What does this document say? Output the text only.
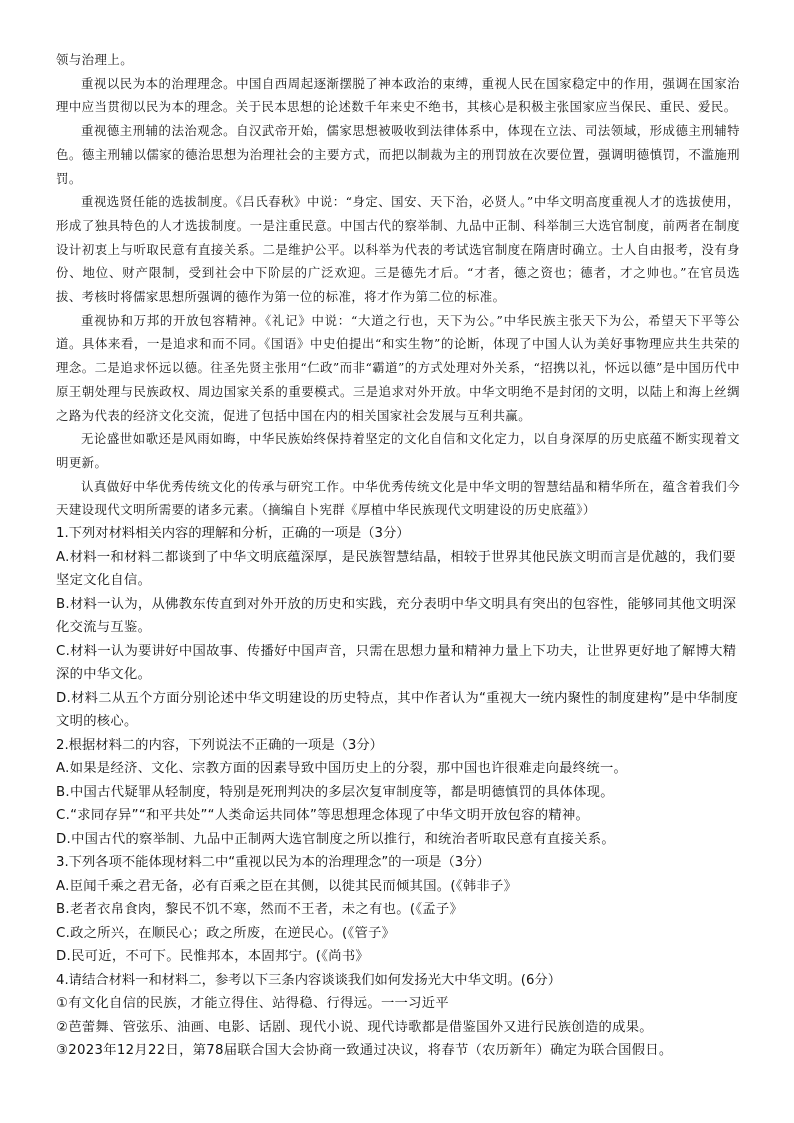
领与治理上。

重视以民为本的治理理念。中国自西周起逐渐摆脱了神本政治的束缚，重视人民在国家稳定中的作用，强调在国家治理中应当贯彻以民为本的理念。关于民本思想的论述数千年来史不绝书，其核心是积极主张国家应当保民、重民、爱民。

重视德主刑辅的法治观念。自汉武帝开始，儒家思想被吸收到法律体系中，体现在立法、司法领域，形成德主刑辅特色。德主刑辅以儒家的德治思想为治理社会的主要方式，而把以制裁为主的刑罚放在次要位置，强调明德慎罚，不滥施刑罚。

重视选贤任能的选拔制度。《吕氏春秋》中说：“身定、国安、天下治，必贤人。”中华文明高度重视人才的选拔使用，形成了独具特色的人才选拔制度。一是注重民意。中国古代的察举制、九品中正制、科举制三大选官制度，前两者在制度设计初衷上与听取民意有直接关系。二是维护公平。以科举为代表的考试选官制度在隋唐时确立。士人自由报考，没有身份、地位、财产限制，受到社会中下阶层的广泛欢迎。三是德先才后。“才者，德之资也；德者，才之帅也。”在官员选拔、考核时将儒家思想所强调的德作为第一位的标准，将才作为第二位的标准。

重视协和万邦的开放包容精神。《礼记》中说：“大道之行也，天下为公。”中华民族主张天下为公，希望天下平等公道。具体来看，一是追求和而不同。《国语》中史伯提出“和实生物”的论断，体现了中国人认为美好事物理应共生共荣的理念。二是追求怀远以德。往圣先贤主张用“仁政”而非“霸道”的方式处理对外关系，“招携以礼，怀远以德”是中国历代中原王朝处理与民族政权、周边国家关系的重要模式。三是追求对外开放。中华文明绝不是封闭的文明，以陆上和海上丝绸之路为代表的经济文化交流，促进了包括中国在内的相关国家社会发展与互利共赢。

无论盛世如歌还是风雨如晦，中华民族始终保持着坚定的文化自信和文化定力，以自身深厚的历史底蕴不断实现着文明更新。

认真做好中华优秀传统文化的传承与研究工作。中华优秀传统文化是中华文明的智慧结晶和精华所在，蕴含着我们今天建设现代文明所需要的诸多元素。（摘编自卜宪群《厚植中华民族现代文明建设的历史底蕴》）

1.下列对材料相关内容的理解和分析，正确的一项是（3分）

A.材料一和材料二都谈到了中华文明底蕴深厚，是民族智慧结晶，相较于世界其他民族文明而言是优越的，我们要坚定文化自信。

B.材料一认为，从佛教东传直到对外开放的历史和实践，充分表明中华文明具有突出的包容性，能够同其他文明深化交流与互鉴。

C.材料一认为要讲好中国故事、传播好中国声音，只需在思想力量和精神力量上下功夫，让世界更好地了解博大精深的中华文化。

D.材料二从五个方面分别论述中华文明建设的历史特点，其中作者认为“重视大一统内聚性的制度建构”是中华制度文明的核心。

2.根据材料二的内容，下列说法不正确的一项是（3分）

A.如果是经济、文化、宗教方面的因素导致中国历史上的分裂，那中国也许很难走向最终统一。

B.中国古代疑罪从轻制度，特别是死刑判决的多层次复审制度等，都是明德慎罚的具体体现。

C.“求同存异”“和平共处”“人类命运共同体”等思想理念体现了中华文明开放包容的精神。

D.中国古代的察举制、九品中正制两大选官制度之所以推行，和统治者听取民意有直接关系。

3.下列各项不能体现材料二中“重视以民为本的治理理念”的一项是（3分）

A.臣闻千乘之君无备，必有百乘之臣在其侧，以徙其民而倾其国。(《韩非子》

B.老者衣帛食肉，黎民不饥不寒，然而不王者，未之有也。(《孟子》

C.政之所兴，在顺民心；政之所废，在逆民心。(《管子》

D.民可近，不可下。民惟邦本，本固邦宁。(《尚书》

4.请结合材料一和材料二，参考以下三条内容谈谈我们如何发扬光大中华文明。(6分）

①有文化自信的民族，才能立得住、站得稳、行得远。一一习近平

②芭蕾舞、管弦乐、油画、电影、话剧、现代小说、现代诗歌都是借鉴国外又进行民族创造的成果。

③2023年12月22日，第78届联合国大会协商一致通过决议，将春节（农历新年）确定为联合国假日。
